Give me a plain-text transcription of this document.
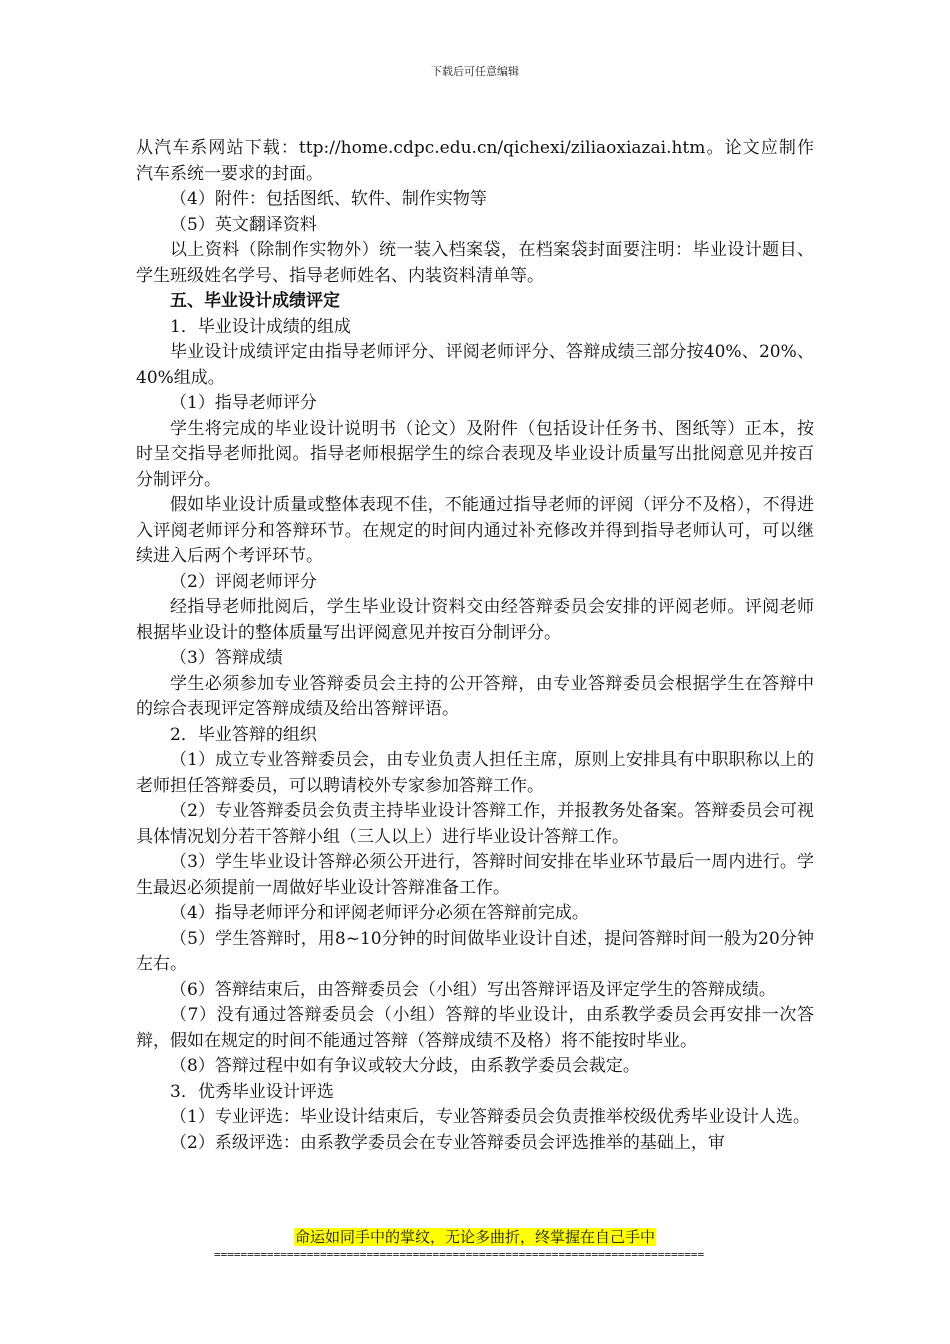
下载后可任意编辑

从汽车系网站下载：ttp://home.cdpc.edu.cn/qichexi/ziliaoxiazai.htm。论文应制作汽车系统一要求的封面。

（4）附件：包括图纸、软件、制作实物等

（5）英文翻译资料

以上资料（除制作实物外）统一装入档案袋，在档案袋封面要注明：毕业设计题目、学生班级姓名学号、指导老师姓名、内装资料清单等。

五、毕业设计成绩评定

1．毕业设计成绩的组成

毕业设计成绩评定由指导老师评分、评阅老师评分、答辩成绩三部分按40%、20%、40%组成。

（1）指导老师评分

学生将完成的毕业设计说明书（论文）及附件（包括设计任务书、图纸等）正本，按时呈交指导老师批阅。指导老师根据学生的综合表现及毕业设计质量写出批阅意见并按百分制评分。

假如毕业设计质量或整体表现不佳，不能通过指导老师的评阅（评分不及格），不得进入评阅老师评分和答辩环节。在规定的时间内通过补充修改并得到指导老师认可，可以继续进入后两个考评环节。

（2）评阅老师评分

经指导老师批阅后，学生毕业设计资料交由经答辩委员会安排的评阅老师。评阅老师根据毕业设计的整体质量写出评阅意见并按百分制评分。

（3）答辩成绩

学生必须参加专业答辩委员会主持的公开答辩，由专业答辩委员会根据学生在答辩中的综合表现评定答辩成绩及给出答辩评语。

2．毕业答辩的组织

（1）成立专业答辩委员会，由专业负责人担任主席，原则上安排具有中职职称以上的老师担任答辩委员，可以聘请校外专家参加答辩工作。

（2）专业答辩委员会负责主持毕业设计答辩工作，并报教务处备案。答辩委员会可视具体情况划分若干答辩小组（三人以上）进行毕业设计答辩工作。

（3）学生毕业设计答辩必须公开进行，答辩时间安排在毕业环节最后一周内进行。学生最迟必须提前一周做好毕业设计答辩准备工作。

（4）指导老师评分和评阅老师评分必须在答辩前完成。

（5）学生答辩时，用8~10分钟的时间做毕业设计自述，提问答辩时间一般为20分钟左右。

（6）答辩结束后，由答辩委员会（小组）写出答辩评语及评定学生的答辩成绩。

（7）没有通过答辩委员会（小组）答辩的毕业设计，由系教学委员会再安排一次答辩，假如在规定的时间不能通过答辩（答辩成绩不及格）将不能按时毕业。

（8）答辩过程中如有争议或较大分歧，由系教学委员会裁定。

3．优秀毕业设计评选

（1）专业评选：毕业设计结束后，专业答辩委员会负责推举校级优秀毕业设计人选。

（2）系级评选：由系教学委员会在专业答辩委员会评选推举的基础上，审

命运如同手中的掌纹，无论多曲折，终掌握在自己手中
==========================================================================
